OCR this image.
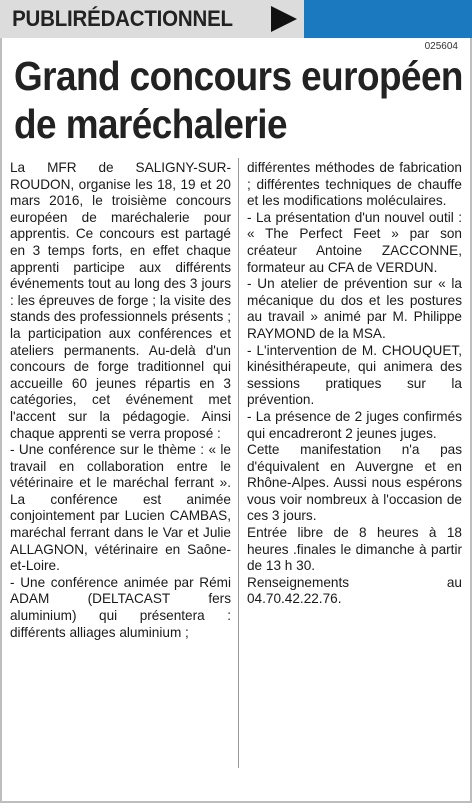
PUBLIRÉDACTIONNEL
025604
Grand concours européen
de maréchalerie

La MFR de SALIGNY-SUR-ROUDON, organise les 18, 19 et 20 mars 2016, le troisième concours européen de maréchalerie pour apprentis. Ce concours est partagé en 3 temps forts, en effet chaque apprenti participe aux différents événements tout au long des 3 jours : les épreuves de forge ; la visite des stands des professionnels présents ; la participation aux conférences et ateliers permanents. Au-delà d'un concours de forge traditionnel qui accueille 60 jeunes répartis en 3 catégories, cet événement met l'accent sur la pédagogie. Ainsi chaque apprenti se verra proposé :

- Une conférence sur le thème : « le travail en collaboration entre le vétérinaire et le maréchal ferrant ». La conférence est animée conjointement par Lucien CAMBAS, maréchal ferrant dans le Var et Julie ALLAGNON, vétérinaire en Saône-et-Loire.

- Une conférence animée par Rémi ADAM (DELTACAST fers aluminium) qui présentera : différents alliages aluminium ;

différentes méthodes de fabrication ; différentes techniques de chauffe et les modifications moléculaires.

- La présentation d'un nouvel outil : « The Perfect Feet » par son créateur Antoine ZACCONNE, formateur au CFA de VERDUN.

- Un atelier de prévention sur « la mécanique du dos et les postures au travail » animé par M. Philippe RAYMOND de la MSA.

- L'intervention de M. CHOUQUET, kinésithérapeute, qui animera des sessions pratiques sur la prévention.

- La présence de 2 juges confirmés qui encadreront 2 jeunes juges.

Cette manifestation n'a pas d'équivalent en Auvergne et en Rhône-Alpes. Aussi nous espérons vous voir nombreux à l'occasion de ces 3 jours.

Entrée libre de 8 heures à 18 heures .finales le dimanche à partir de 13 h 30.

Renseignements au 04.70.42.22.76.
